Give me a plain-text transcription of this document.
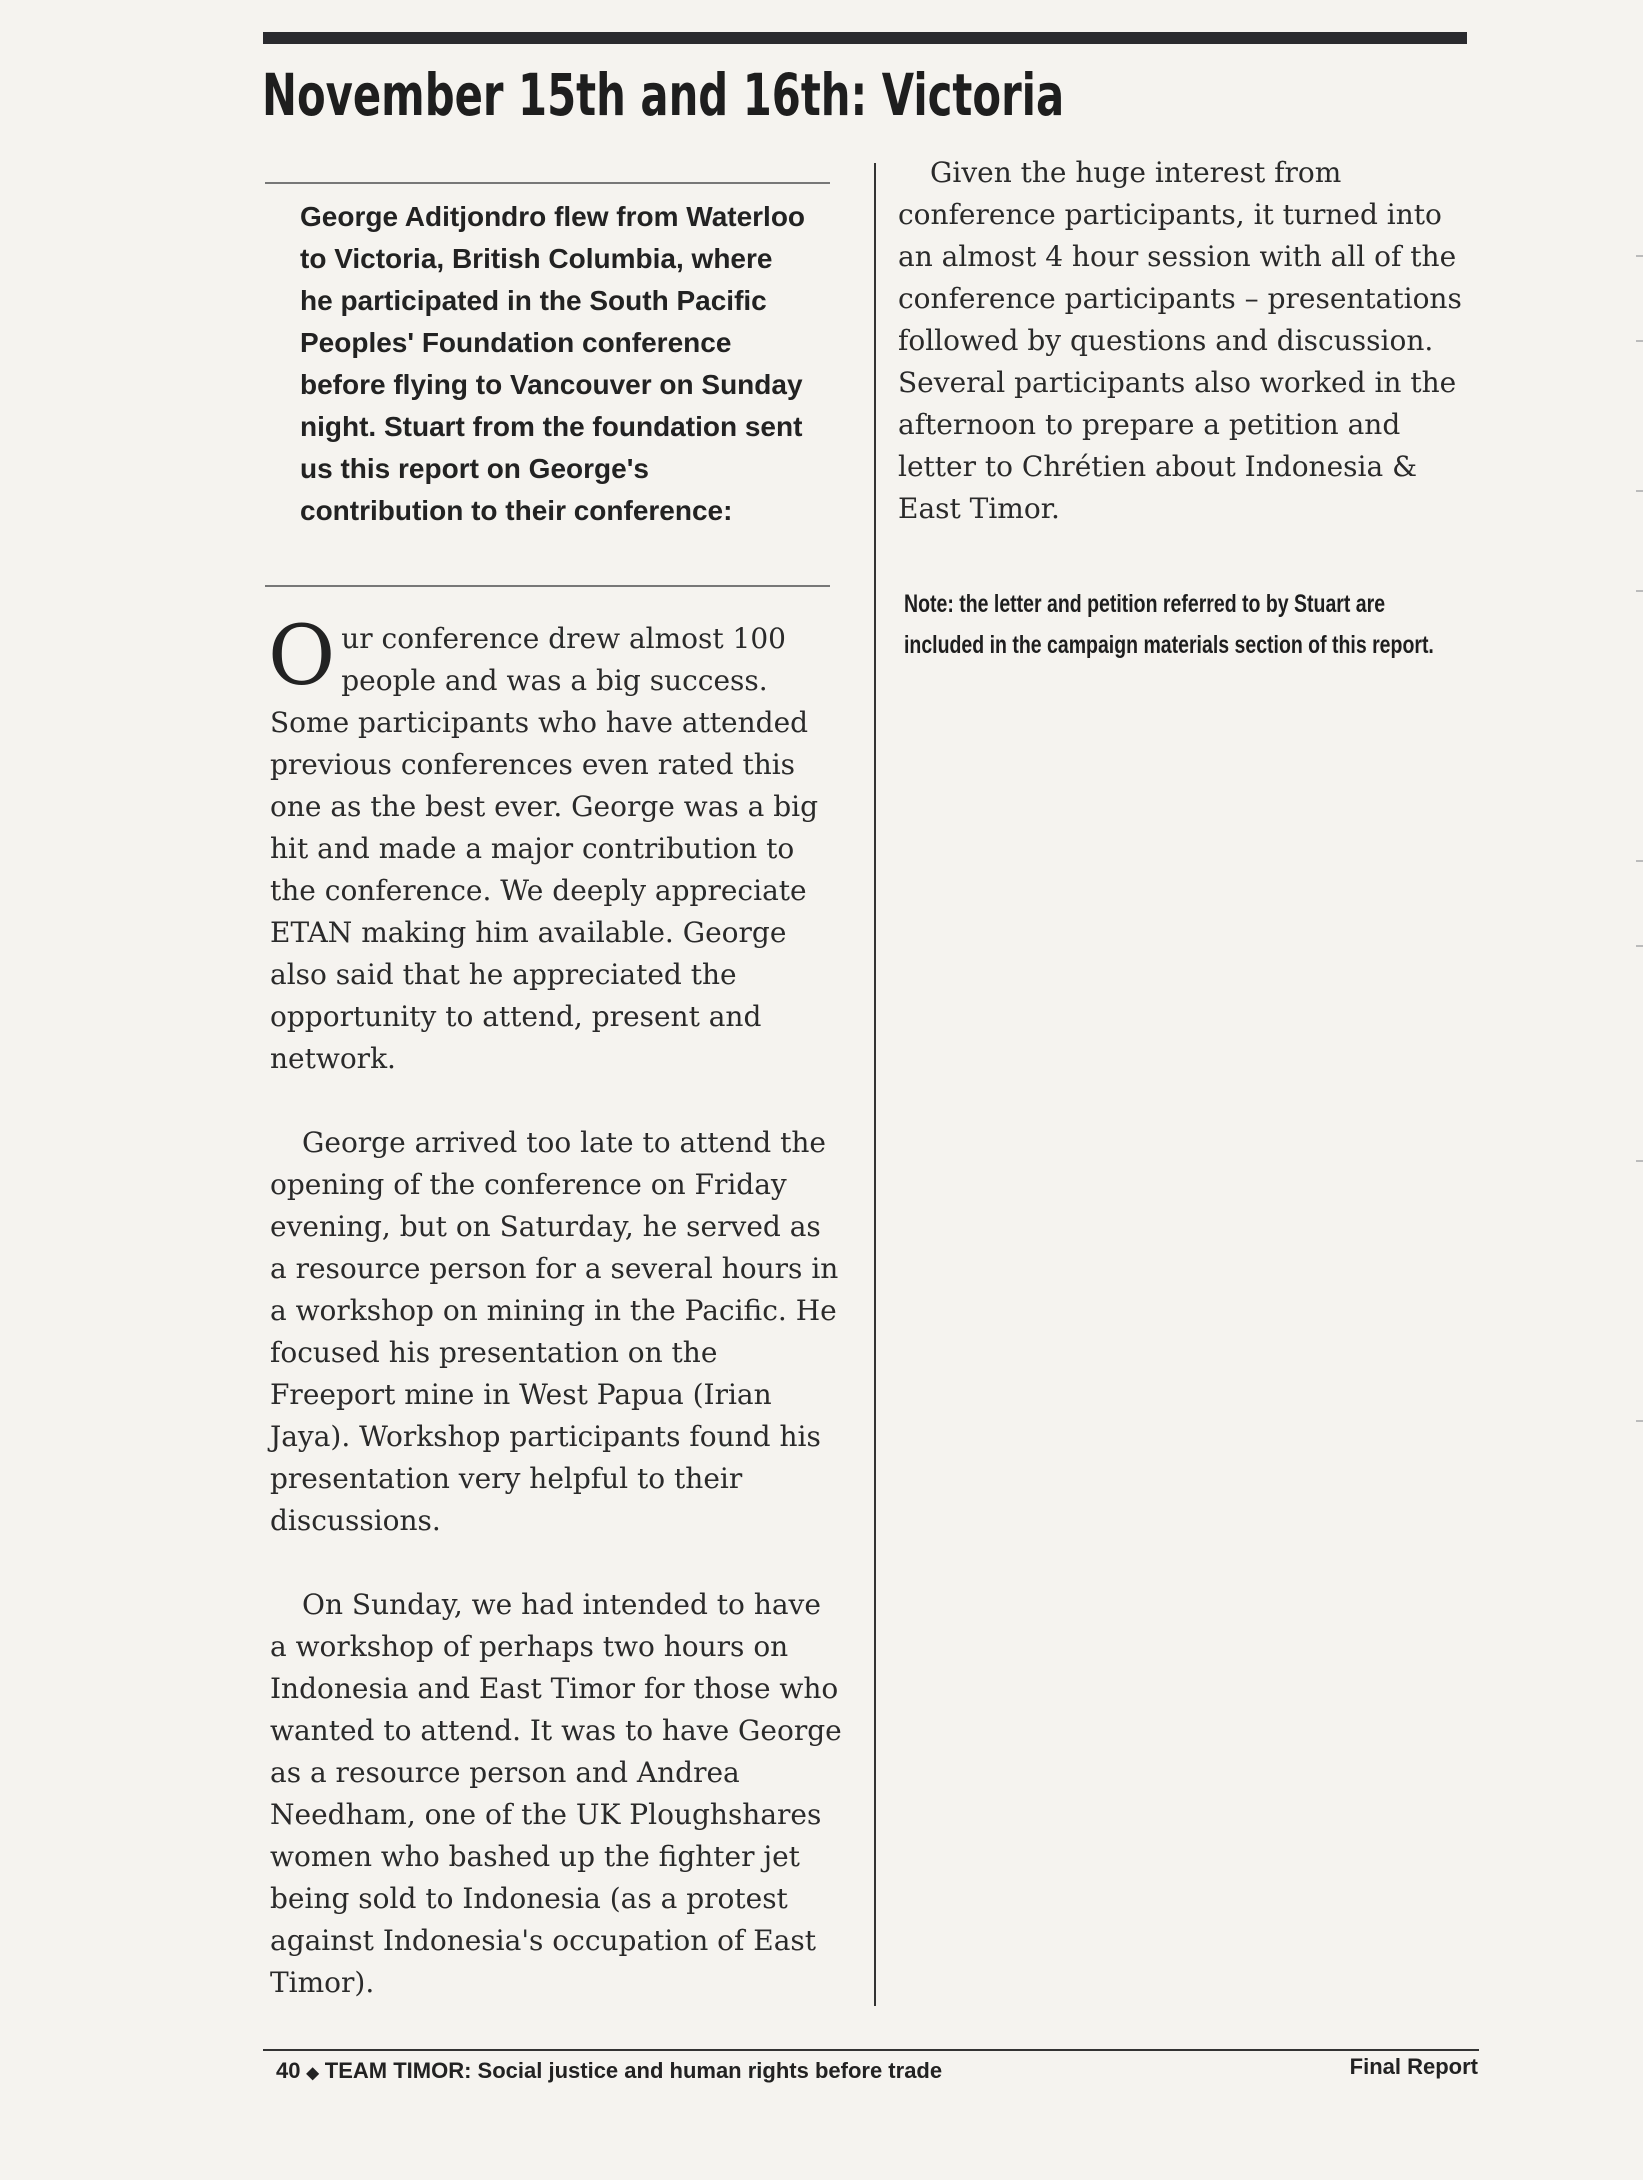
November 15th and 16th: Victoria

George Aditjondro flew from Waterloo to Victoria, British Columbia, where he participated in the South Pacific Peoples' Foundation conference before flying to Vancouver on Sunday night. Stuart from the foundation sent us this report on George's contribution to their conference:

Our conference drew almost 100 people and was a big success. Some participants who have attended previous conferences even rated this one as the best ever. George was a big hit and made a major contribution to the conference. We deeply appreciate ETAN making him available. George also said that he appreciated the opportunity to attend, present and network.

George arrived too late to attend the opening of the conference on Friday evening, but on Saturday, he served as a resource person for a several hours in a workshop on mining in the Pacific. He focused his presentation on the Freeport mine in West Papua (Irian Jaya). Workshop participants found his presentation very helpful to their discussions.

On Sunday, we had intended to have a workshop of perhaps two hours on Indonesia and East Timor for those who wanted to attend. It was to have George as a resource person and Andrea Needham, one of the UK Ploughshares women who bashed up the fighter jet being sold to Indonesia (as a protest against Indonesia's occupation of East Timor).

Given the huge interest from conference participants, it turned into an almost 4 hour session with all of the conference participants – presentations followed by questions and discussion. Several participants also worked in the afternoon to prepare a petition and letter to Chrétien about Indonesia & East Timor.

Note: the letter and petition referred to by Stuart are included in the campaign materials section of this report.

40 ◆ TEAM TIMOR: Social justice and human rights before trade	Final Report
